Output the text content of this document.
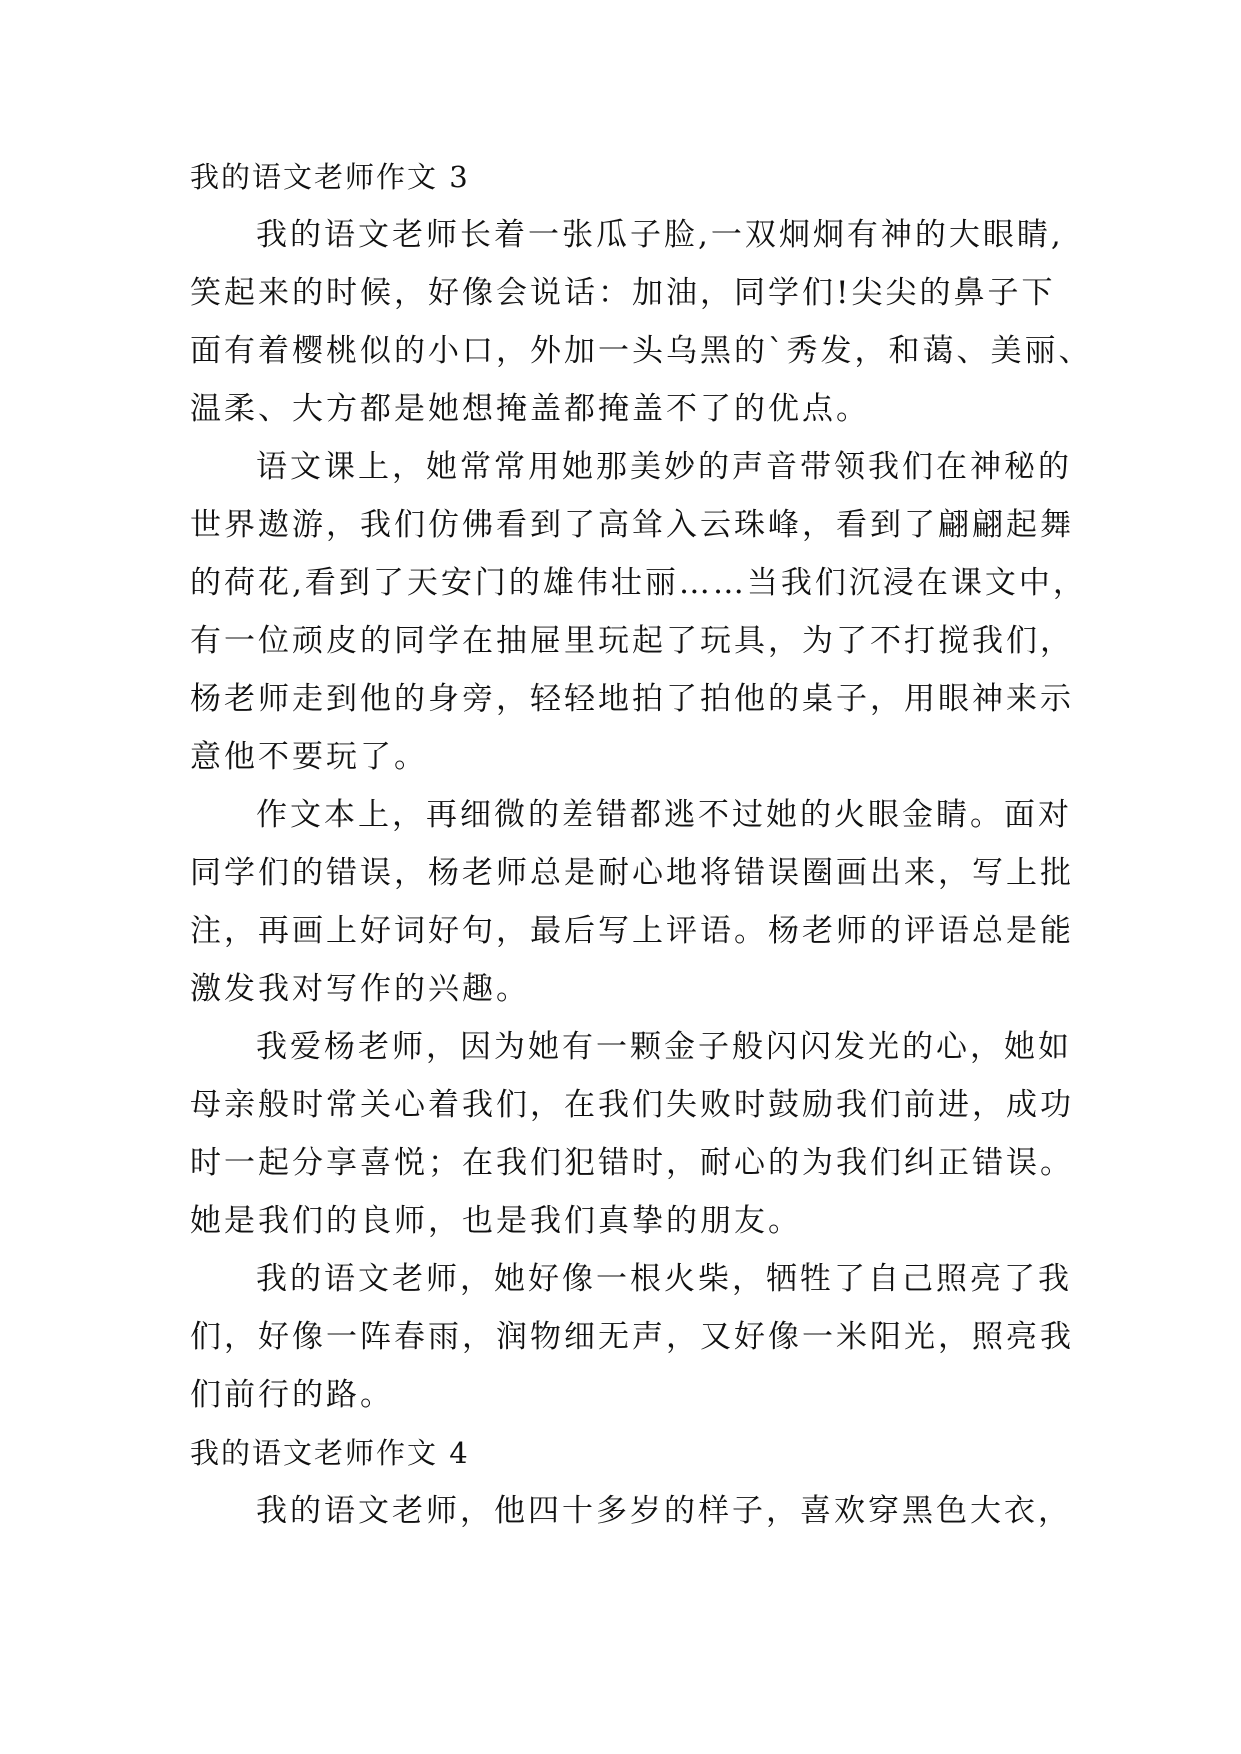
我的语文老师作文 3
我的语文老师长着一张瓜子脸,一双炯炯有神的大眼睛,
笑起来的时候，好像会说话：加油，同学们!尖尖的鼻子下
面有着樱桃似的小口，外加一头乌黑的`秀发，和蔼、美丽、
温柔、大方都是她想掩盖都掩盖不了的优点。
语文课上，她常常用她那美妙的声音带领我们在神秘的
世界遨游，我们仿佛看到了高耸入云珠峰，看到了翩翩起舞
的荷花,看到了天安门的雄伟壮丽……当我们沉浸在课文中，
有一位顽皮的同学在抽屉里玩起了玩具，为了不打搅我们，
杨老师走到他的身旁，轻轻地拍了拍他的桌子，用眼神来示
意他不要玩了。
作文本上，再细微的差错都逃不过她的火眼金睛。面对
同学们的错误，杨老师总是耐心地将错误圈画出来，写上批
注，再画上好词好句，最后写上评语。杨老师的评语总是能
激发我对写作的兴趣。
我爱杨老师，因为她有一颗金子般闪闪发光的心，她如
母亲般时常关心着我们，在我们失败时鼓励我们前进，成功
时一起分享喜悦；在我们犯错时，耐心的为我们纠正错误。
她是我们的良师，也是我们真挚的朋友。
我的语文老师，她好像一根火柴，牺牲了自己照亮了我
们，好像一阵春雨，润物细无声，又好像一米阳光，照亮我
们前行的路。
我的语文老师作文 4
我的语文老师，他四十多岁的样子，喜欢穿黑色大衣，
